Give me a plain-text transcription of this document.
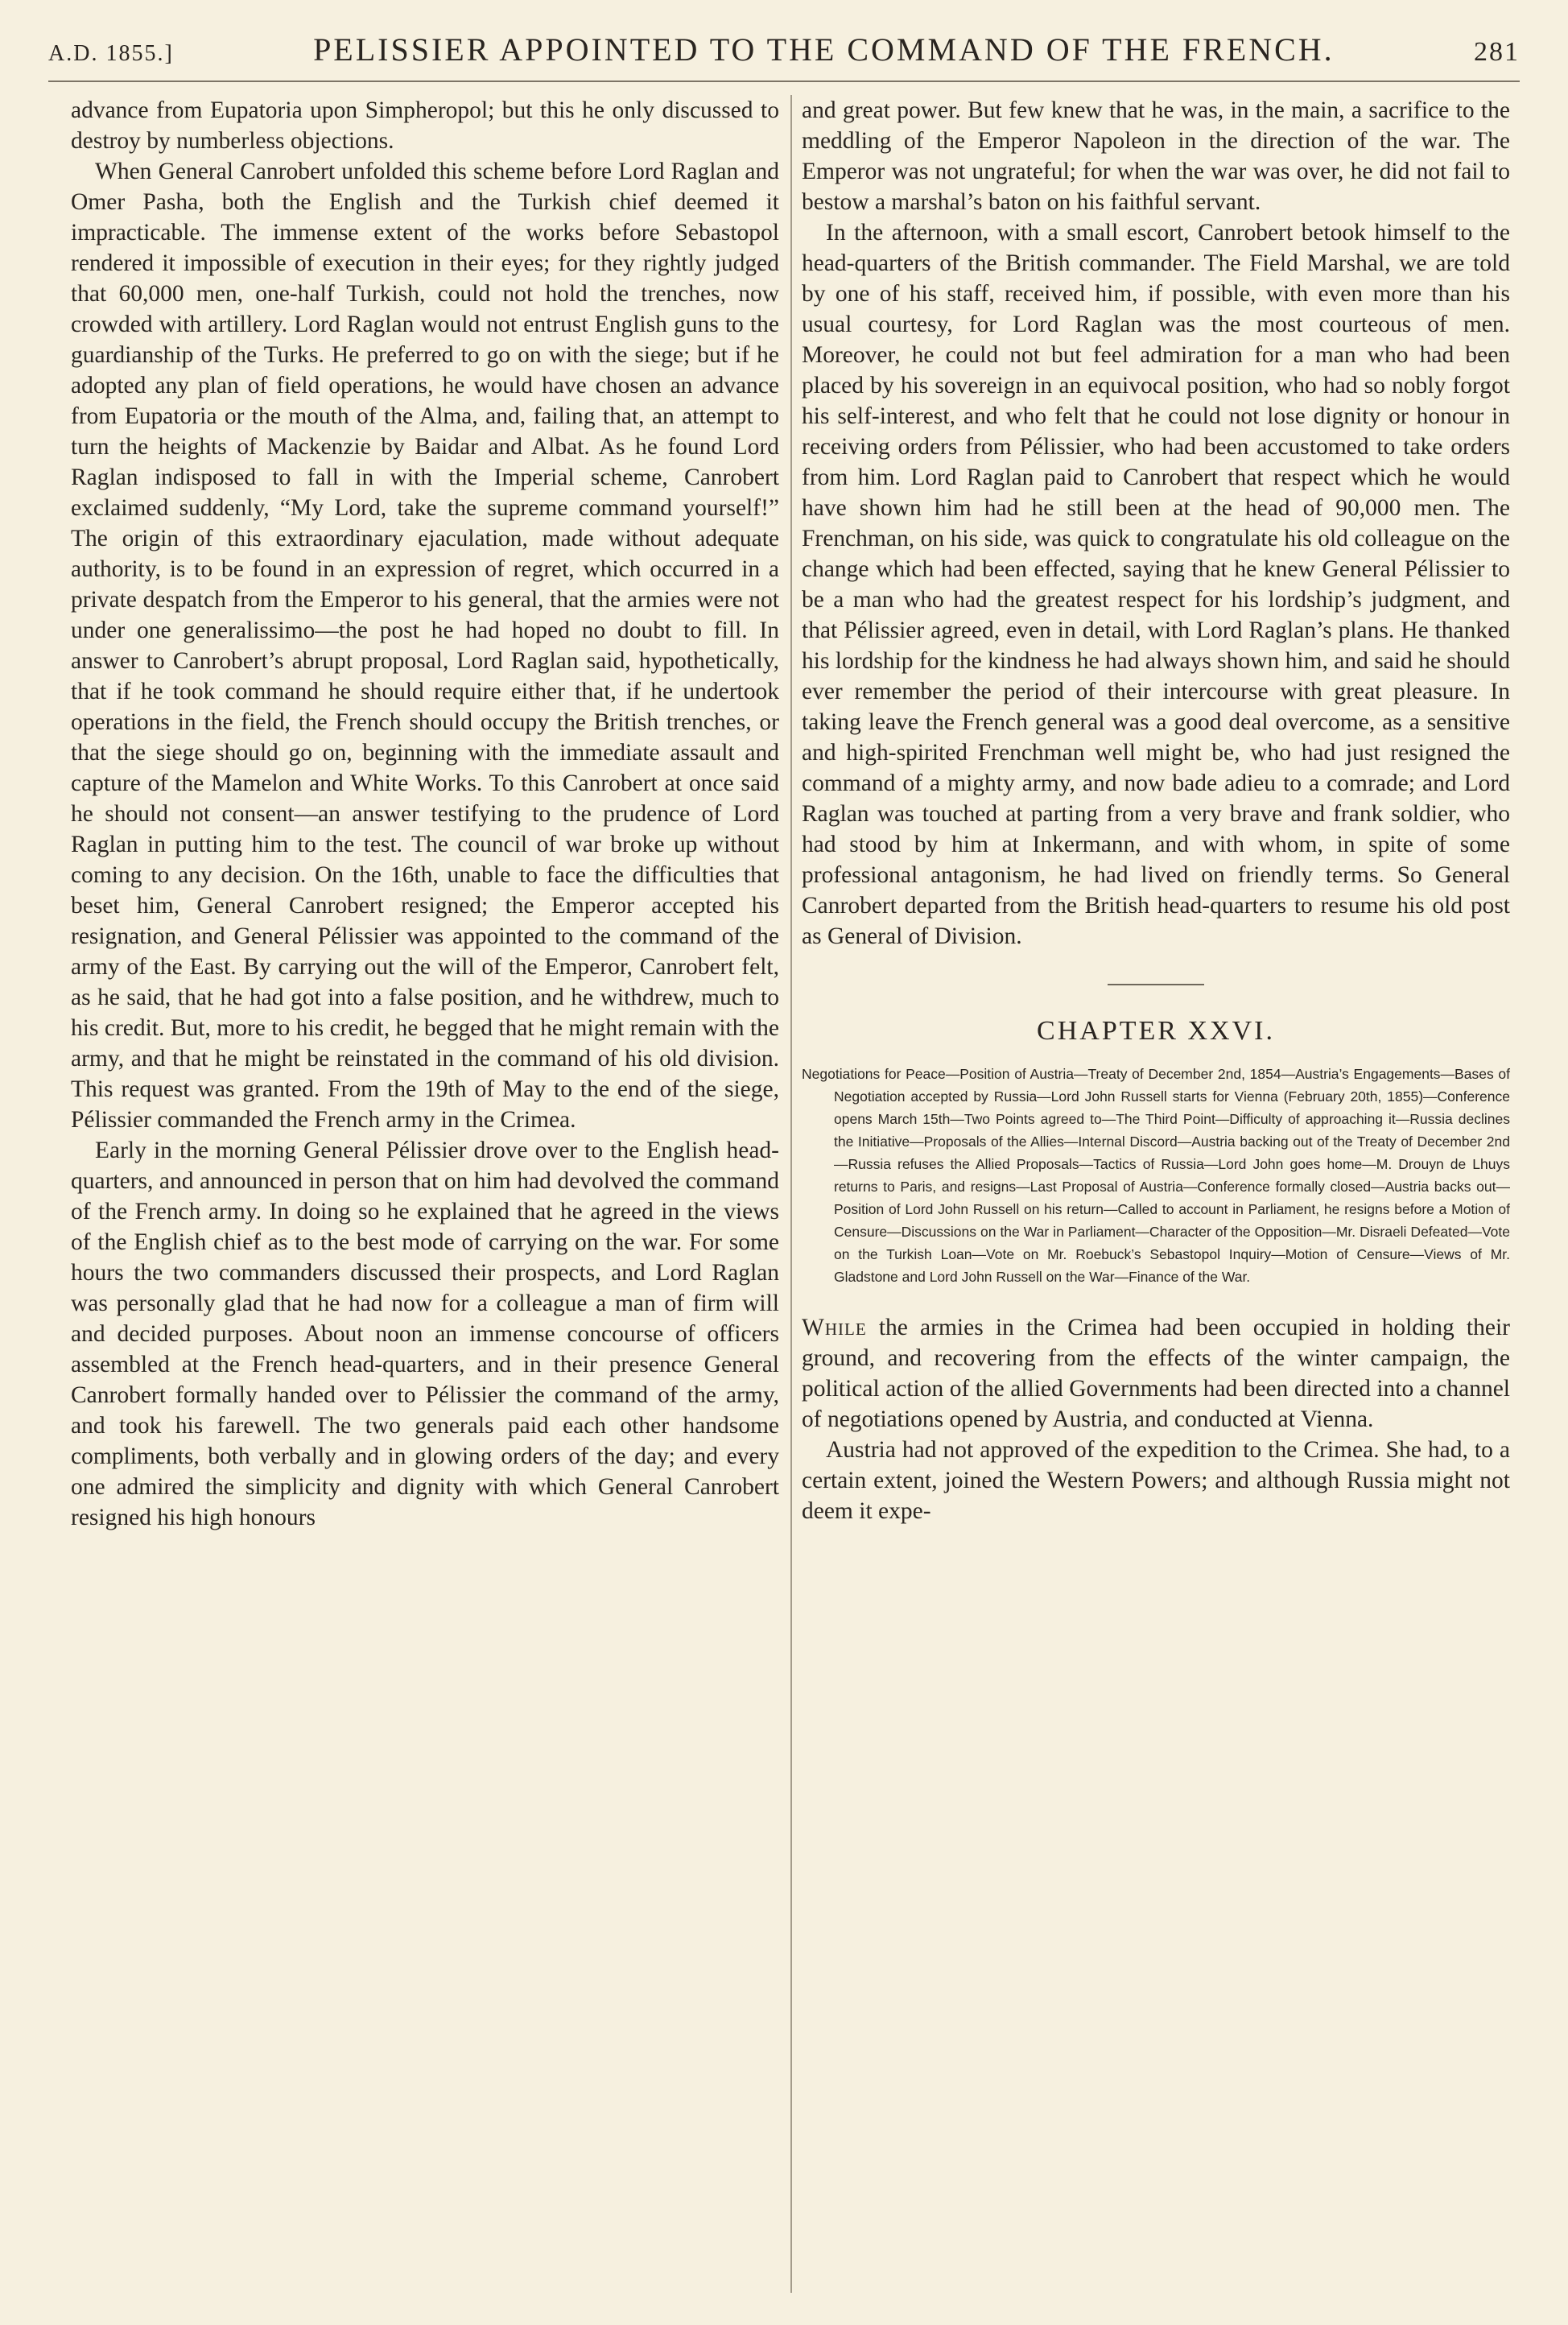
A.D. 1855.]	PELISSIER APPOINTED TO THE COMMAND OF THE FRENCH.	281

advance from Eupatoria upon Simpheropol; but this he only discussed to destroy by numberless objections.

When General Canrobert unfolded this scheme before Lord Raglan and Omer Pasha, both the English and the Turkish chief deemed it impracticable. The immense extent of the works before Sebastopol rendered it impossible of execution in their eyes; for they rightly judged that 60,000 men, one-half Turkish, could not hold the trenches, now crowded with artillery. Lord Raglan would not entrust English guns to the guardianship of the Turks. He preferred to go on with the siege; but if he adopted any plan of field operations, he would have chosen an advance from Eupatoria or the mouth of the Alma, and, failing that, an attempt to turn the heights of Mackenzie by Baidar and Albat. As he found Lord Raglan indisposed to fall in with the Imperial scheme, Canrobert exclaimed suddenly, “My Lord, take the supreme command yourself!” The origin of this extraordinary ejaculation, made without adequate authority, is to be found in an expression of regret, which occurred in a private despatch from the Emperor to his general, that the armies were not under one generalissimo—the post he had hoped no doubt to fill. In answer to Canrobert’s abrupt proposal, Lord Raglan said, hypothetically, that if he took command he should require either that, if he undertook operations in the field, the French should occupy the British trenches, or that the siege should go on, beginning with the immediate assault and capture of the Mamelon and White Works. To this Canrobert at once said he should not consent—an answer testifying to the prudence of Lord Raglan in putting him to the test. The council of war broke up without coming to any decision. On the 16th, unable to face the difficulties that beset him, General Canrobert resigned; the Emperor accepted his resignation, and General Pélissier was appointed to the command of the army of the East. By carrying out the will of the Emperor, Canrobert felt, as he said, that he had got into a false position, and he withdrew, much to his credit. But, more to his credit, he begged that he might remain with the army, and that he might be reinstated in the command of his old division. This request was granted. From the 19th of May to the end of the siege, Pélissier commanded the French army in the Crimea.

Early in the morning General Pélissier drove over to the English head-quarters, and announced in person that on him had devolved the command of the French army. In doing so he explained that he agreed in the views of the English chief as to the best mode of carrying on the war. For some hours the two commanders discussed their prospects, and Lord Raglan was personally glad that he had now for a colleague a man of firm will and decided purposes. About noon an immense concourse of officers assembled at the French head-quarters, and in their presence General Canrobert formally handed over to Pélissier the command of the army, and took his farewell. The two generals paid each other handsome compliments, both verbally and in glowing orders of the day; and every one admired the simplicity and dignity with which General Canrobert resigned his high honours

and great power. But few knew that he was, in the main, a sacrifice to the meddling of the Emperor Napoleon in the direction of the war. The Emperor was not ungrateful; for when the war was over, he did not fail to bestow a marshal’s baton on his faithful servant.

In the afternoon, with a small escort, Canrobert betook himself to the head-quarters of the British commander. The Field Marshal, we are told by one of his staff, received him, if possible, with even more than his usual courtesy, for Lord Raglan was the most courteous of men. Moreover, he could not but feel admiration for a man who had been placed by his sovereign in an equivocal position, who had so nobly forgot his self-interest, and who felt that he could not lose dignity or honour in receiving orders from Pélissier, who had been accustomed to take orders from him. Lord Raglan paid to Canrobert that respect which he would have shown him had he still been at the head of 90,000 men. The Frenchman, on his side, was quick to congratulate his old colleague on the change which had been effected, saying that he knew General Pélissier to be a man who had the greatest respect for his lordship’s judgment, and that Pélissier agreed, even in detail, with Lord Raglan’s plans. He thanked his lordship for the kindness he had always shown him, and said he should ever remember the period of their intercourse with great pleasure. In taking leave the French general was a good deal overcome, as a sensitive and high-spirited Frenchman well might be, who had just resigned the command of a mighty army, and now bade adieu to a comrade; and Lord Raglan was touched at parting from a very brave and frank soldier, who had stood by him at Inkermann, and with whom, in spite of some professional antagonism, he had lived on friendly terms. So General Canrobert departed from the British head-quarters to resume his old post as General of Division.

CHAPTER XXVI.
Negotiations for Peace—Position of Austria—Treaty of December 2nd, 1854—Austria’s Engagements—Bases of Negotiation accepted by Russia—Lord John Russell starts for Vienna (February 20th, 1855)—Conference opens March 15th—Two Points agreed to—The Third Point—Difficulty of approaching it—Russia declines the Initiative—Proposals of the Allies—Internal Discord—Austria backing out of the Treaty of December 2nd—Russia refuses the Allied Proposals—Tactics of Russia—Lord John goes home—M. Drouyn de Lhuys returns to Paris, and resigns—Last Proposal of Austria—Conference formally closed—Austria backs out—Position of Lord John Russell on his return—Called to account in Parliament, he resigns before a Motion of Censure—Discussions on the War in Parliament—Character of the Opposition—Mr. Disraeli Defeated—Vote on the Turkish Loan—Vote on Mr. Roebuck’s Sebastopol Inquiry—Motion of Censure—Views of Mr. Gladstone and Lord John Russell on the War—Finance of the War.

While the armies in the Crimea had been occupied in holding their ground, and recovering from the effects of the winter campaign, the political action of the allied Governments had been directed into a channel of negotiations opened by Austria, and conducted at Vienna.

Austria had not approved of the expedition to the Crimea. She had, to a certain extent, joined the Western Powers; and although Russia might not deem it expe-
